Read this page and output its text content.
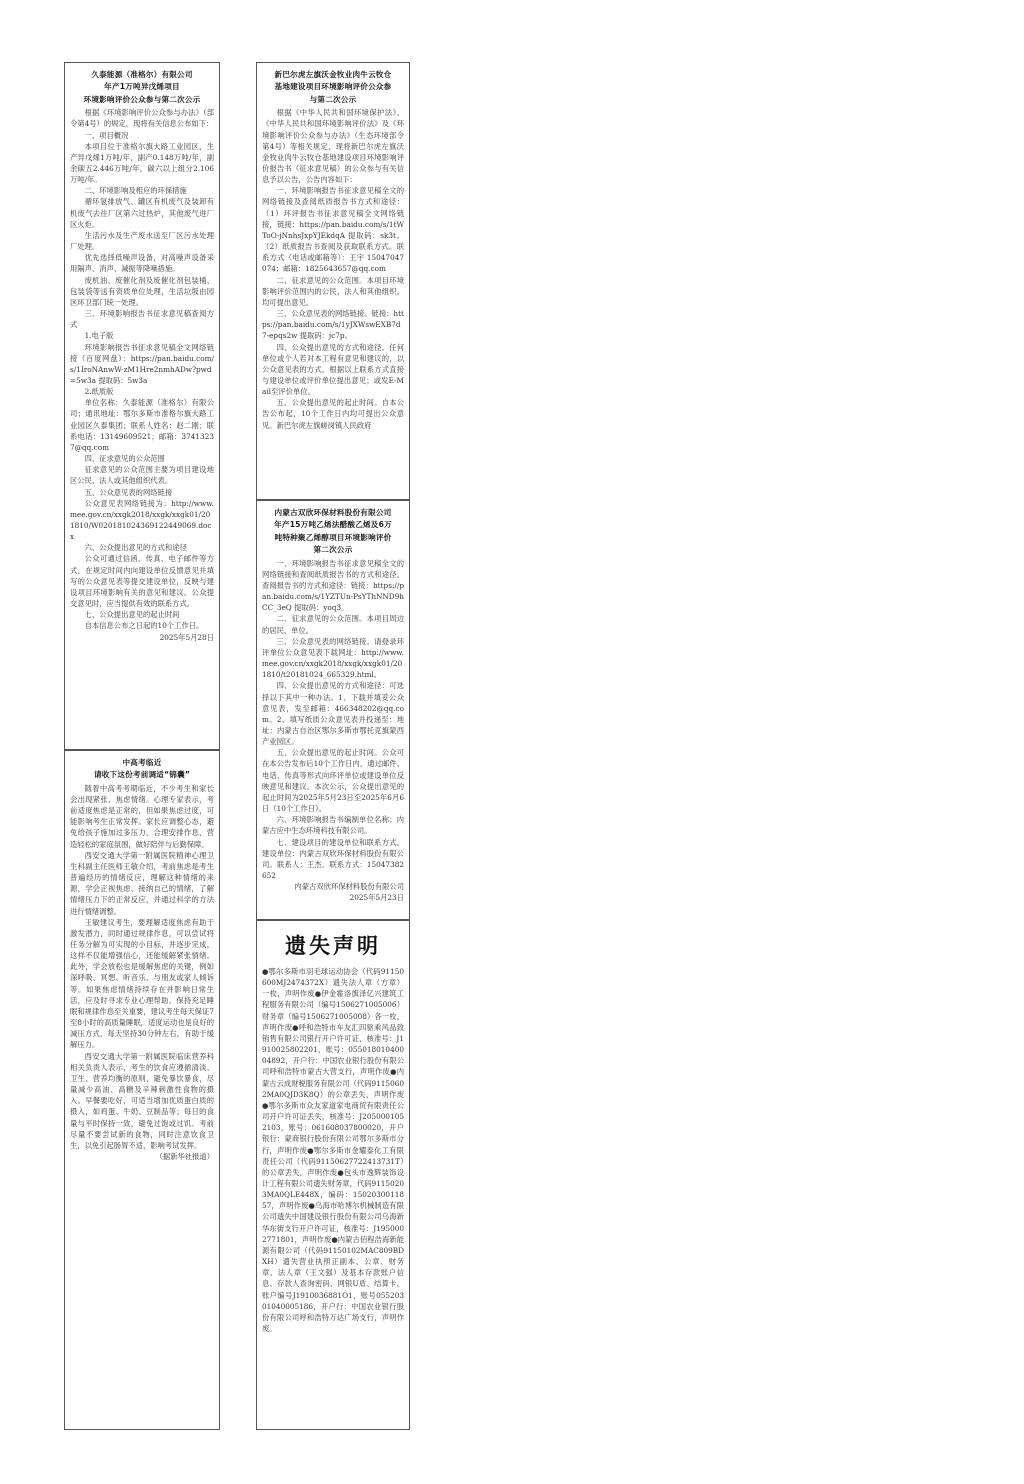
久泰能源（准格尔）有限公司
年产1万吨异戊烯项目
环境影响评价公众参与第二次公示

根据《环境影响评价公众参与办法》（部令第4号）的规定，现将有关信息公布如下：

一、项目概况

本项目位于准格尔旗大路工业园区，生产异戊烯1万吨/年，副产0.148万吨/年，副余碳五2.446万吨/年，碳六以上组分2.106万吨/年。

二、环境影响及相应的环保措施

循环氢排放气、罐区有机废气及装卸有机废气去往厂区第六过热炉，其他废气进厂区火炬。

生活污水及生产废水送至厂区污水处理厂处理。

优先选择低噪声设备，对高噪声设备采用隔声、消声、减振等降噪措施。

废机油、废催化剂及废催化剂包装桶、包装袋等送有资质单位处理，生活垃圾由园区环卫部门统一处理。

三、环境影响报告书征求意见稿查阅方式

1.电子版

环境影响报告书征求意见稿全文网络链接（百度网盘）：https://pan.baidu.com/s/1IroNAnwW-zM1Hre2nmhADw?pwd=5w3a 提取码：5w3a

2.纸质版

单位名称：久泰能源（准格尔）有限公司；通讯地址：鄂尔多斯市准格尔旗大路工业园区久泰集团；联系人姓名：赵二刚；联系电话：13149609521；邮箱：37413237@qq.com

四、征求意见的公众范围

征求意见的公众范围主要为项目建设地区公民、法人或其他组织代表。

五、公众意见表的网络链接

公众意见表网络链接为：http://www.mee.gov.cn/xxgk2018/xxgk/xxgk01/201810/W020181024369122449069.docx

六、公众提出意见的方式和途径

公众可通过信函、传真、电子邮件等方式，在规定时间内向建设单位反馈意见并填写的公众意见表等提交建设单位，反映与建设项目环境影响有关的意见和建议。公众提交意见时，应当提供有效的联系方式。

七、公众提出意见的起止时间

自本信息公布之日起的10个工作日。

2025年5月28日

中高考临近
请收下这份考前调适“锦囊”

随着中高考考期临近，不少考生和家长会出现紧张、焦虑情绪。心理专家表示，考前适度焦虑是正常的，但如果焦虑过度，可能影响考生正常发挥。家长应调整心态，避免给孩子施加过多压力，合理安排作息，营造轻松的家庭氛围，做好陪伴与后勤保障。

西安交通大学第一附属医院精神心理卫生科副主任医师王敏介绍，考前焦虑是考生普遍经历的情绪反应，理解这种情绪的来源，学会正视焦虑、接纳自己的情绪，了解情绪压力下的正常反应，并通过科学的方法进行情绪调整。

王敏建议考生，要理解适度焦虑有助于激发潜力，同时通过规律作息，可以尝试将任务分解为可实现的小目标，并逐步完成，这样不仅能增强信心，还能缓解紧张情绪。此外，学会放松也是缓解焦虑的关键，例如深呼吸、冥想、听音乐、与朋友或家人倾诉等。如果焦虑情绪持续存在并影响日常生活，应及时寻求专业心理帮助。保持充足睡眠和规律作息至关重要，建议考生每天保证7至8小时的高质量睡眠，适度运动也是良好的减压方式，每天坚持30分钟左右，有助于缓解压力。

西安交通大学第一附属医院临床营养科相关负责人表示，考生的饮食应遵循清淡、卫生、营养均衡的原则，避免暴饮暴食，尽量减少高油、高糖及辛辣刺激性食物的摄入。早餐要吃好，可适当增加优质蛋白质的摄入，如鸡蛋、牛奶、豆制品等；每日的食量与平时保持一致，避免过饱或过饥。考前尽量不要尝试新的食物，同时注意饮食卫生，以免引起肠胃不适，影响考试发挥。

（据新华社报道）

新巴尔虎左旗沃金牧业肉牛云牧仓
基地建设项目环境影响评价公众参
与第二次公示

根据《中华人民共和国环境保护法》、《中华人民共和国环境影响评价法》及《环境影响评价公众参与办法》（生态环境部令第4号）等相关规定，现将新巴尔虎左旗沃金牧业肉牛云牧仓基地建设项目环境影响评价报告书（征求意见稿）的公众参与有关信息予以公告，公告内容如下：

一、环境影响报告书征求意见稿全文的网络链接及查阅纸质报告书方式和途径：（1）环评报告书征求意见稿全文网络链接，链接：https://pan.baidu.com/s/1tWToO-jNnhsJxpYJEkdqA 提取码：sk3t。（2）纸质报告书查阅及获取联系方式。联系方式（电话或邮箱等）：王宇 15047047074；邮箱：1825643657@qq.com

二、征求意见的公众范围。本项目环境影响评价范围内的公民、法人和其他组织，均可提出意见。

三、公众意见表的网络链接。链接：https://pan.baidu.com/s/1yJXWswEXB7d7-epqs2w 提取码：jc7p。

四、公众提出意见的方式和途径。任何单位或个人若对本工程有意见和建议的，以公众意见表的方式，根据以上联系方式直接与建设单位或评价单位提出意见；或发E-Mail至评价单位。

五、公众提出意见的起止时间。自本公告公布起，10个工作日内均可提出公众意见。新巴尔虎左旗嵯岗镇人民政府

内蒙古双欣环保材料股份有限公司
年产15万吨乙烯法醋酸乙烯及6万
吨特种聚乙烯醇项目环境影响评价
第二次公示

一、环境影响报告书征求意见稿全文的网络链接和查阅纸质报告书的方式和途径。查阅报告书的方式和途径：链接：https://pan.baidu.com/s/1YZTUn-PsYThNND9hCC_3eQ 提取码：yoq3。

二、征求意见的公众范围。本项目周边的居民、单位。

三、公众意见表的网络链接。请登录环评单位公众意见表下载网址：http://www.mee.gov.cn/xxgk2018/xxgk/xxgk01/201810/t20181024_665329.html。

四、公众提出意见的方式和途径：可选择以下其中一种办法。1、下载并填妥公众意见表，发至邮箱：466348202@qq.com。2、填写纸质公众意见表并投递至：地址：内蒙古自治区鄂尔多斯市鄂托克旗蒙西产业园区。

五、公众提出意见的起止时间。公众可在本公告发布后10个工作日内，通过邮件、电话、传真等形式向环评单位或建设单位反映意见和建议。本次公示，公众提出意见的起止时间为2025年5月23日至2025年6月6日（10个工作日）。

六、环境影响报告书编制单位名称：内蒙古应中生态环境科技有限公司。

七、建设项目的建设单位和联系方式。建设单位：内蒙古双欣环保材料股份有限公司。联系人：王杰。联系方式：15047382652

内蒙古双欣环保材料股份有限公司

2025年5月23日

遗失声明

●鄂尔多斯市羽毛球运动协会（代码91150600MJ2474372X）遗失法人章（方章）一枚，声明作废●伊金霍洛旗泽亿兴建筑工程服务有限公司（编号1506271005006）财务章（编号1506271005008）各一枚，声明作废●呼和浩特市车友汇四驱乘风品致销售有限公司银行开户许可证，核准号：J1910025802201，账号：05501801040004892，开户行：中国农业银行股份有限公司呼和浩特市蒙古大营支行，声明作废●内蒙古云成财税服务有限公司（代码91150602MA0QJD3K8Q）的公章丢失，声明作废●鄂尔多斯市众友家道家电商贸有限责任公司开户许可证丢失，核准号：J2050001052103，账号：061608037800020，开户银行：蒙商银行股份有限公司鄂尔多斯市分行，声明作废●鄂尔多斯市金耀泰化工有限责任公司（代码91150627722413731T）的公章丢失，声明作废●包头市逸辉装饰设计工程有限公司遗失财务章，代码91150203MA0QLE448X，编码：1502030011857，声明作废●乌海市哈博尔机械制造有限公司遗失中国建设银行股份有限公司乌海新华东街支行开户许可证，核准号：J1950002771801，声明作废●内蒙古佰程浩海新能源有限公司（代码91150102MAC809BDXH）遗失营业执照正副本、公章、财务章、法人章（王文强）及基本存款账户信息、存款人查询密码、网银U盾、结算卡，账户编号J1910036881O1，账号05520301040005186，开户行：中国农业银行股份有限公司呼和浩特万达广场支行，声明作废。
